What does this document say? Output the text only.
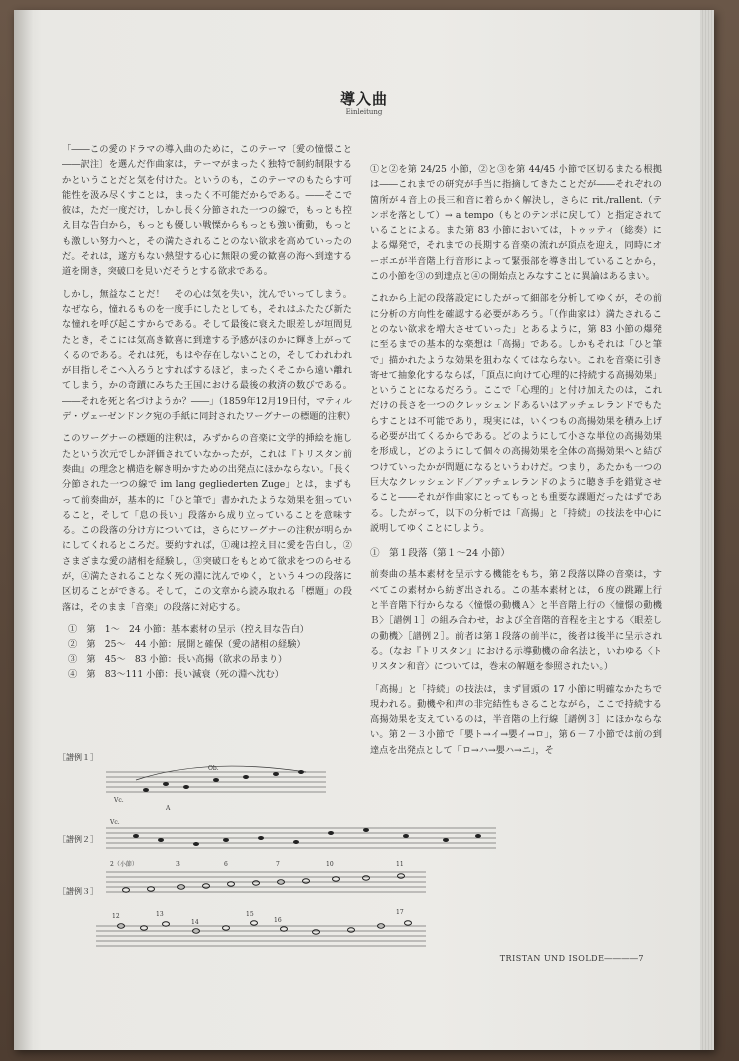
導入曲
Einleitung

「――この愛のドラマの導入曲のために，このテーマ〔愛の憧憬こと――訳注〕を選んだ作曲家は，テーマがまったく独特で制約制限するかということだと気を付けた。というのも，このテーマのもたらす可能性を汲み尽くすことは，まったく不可能だからである。――そこで彼は，ただ一度だけ，しかし長く分節された一つの線で，もっとも控え目な告白から，もっとも優しい戦慄からもっとも強い衝動，もっとも激しい努力へと，その満たされることのない欲求を高めていったのだ。それは，遂方もない熱望する心に無限の愛の歓喜の海へ到達する道を開き，突破口を見いだそうとする欲求である。

しかし，無益なことだ！　その心は気を失い，沈んでいってしまう。なぜなら，憧れるものを一度手にしたとしても，それはふたたび新たな憧れを呼び起こすからである。そして最後に衰えた眼差しが垣間見たとき，そこには気高き歓喜に到達する予感がほのかに輝き上がってくるのである。それは死，もはや存在しないことの，そしてわれわれが目指しそこへ入ろうとすればするほど，まったくそこから遠い離れてしまう，かの奇蹟にみちた王国における最後の救済の数びである。――それを死と名づけようか？――」（1859年12月19日付，マティルデ・ヴェーゼンドンク宛の手紙に同封されたワーグナーの標題的注釈）

このワーグナーの標題的注釈は，みずからの音楽に文学的挿絵を施したという次元でしか評価されていなかったが，これは『トリスタン前奏曲』の理念と構造を解き明かすための出発点にほかならない。「長く分節された一つの線で im lang gegliederten Zuge」とは，まずもって前奏曲が，基本的に「ひと筆で」書かれたような効果を狙っていること，そして「息の長い」段落から成り立っていることを意味する。この段落の分け方については，さらにワーグナーの注釈が明らかにしてくれるところだ。要約すれば，①魂は控え目に愛を告白し，②さまざまな愛の諸相を経験し，③突破口をもとめて欲求をつのらせるが，④満たされることなく死の淵に沈んでゆく，という４つの段落に区切ることができる。そして，この文章から読み取れる「標題」の段落は，そのまま「音楽」の段落に対応する。

①　第　1～　24 小節：基本素材の呈示（控え目な告白）
②　第　25～　44 小節：展開と確保（愛の諸相の経験）
③　第　45～　83 小節：長い高揚（欲求の昂まり）
④　第　83～111 小節：長い減衰（死の淵へ沈む）

①と②を第 24/25 小節，②と③を第 44/45 小節で区切るまたる根拠は――これまでの研究が手当に指摘してきたことだが――それぞれの箇所が４音上の長三和音に着らかく解決し，さらに rit./rallent.（テンポを落として）→ a tempo（もとのテンポに戻して）と指定されていることによる。また第 83 小節においては，トゥッティ（総奏）による爆発で，それまでの長期する音楽の流れが頂点を迎え，同時にオーボエが半音階上行音形によって緊張部を導き出していることから，この小節を③の到達点と④の開始点とみなすことに異論はあるまい。

これから上記の段落設定にしたがって細部を分析してゆくが，その前に分析の方向性を確認する必要があろう。「（作曲家は）満たされることのない欲求を増大させていった」とあるように，第 83 小節の爆発に至るまでの基本的な楽想は「高揚」である。しかもそれは「ひと筆で」描かれたような効果を狙わなくてはならない。これを音楽に引き寄せて抽象化するならば，「頂点に向けて心理的に持続する高揚効果」ということになるだろう。ここで「心理的」と付け加えたのは，これだけの長さを一つのクレッシェンドあるいはアッチェレランドでもたらすことは不可能であり，現実には，いくつもの高揚効果を積み上げる必要が出てくるからである。どのようにして小さな単位の高揚効果を形成し，どのようにして個々の高揚効果を全体の高揚効果へと結びつけていったかが問題になるというわけだ。つまり，あたかも一つの巨大なクレッシェンド／アッチェレランドのように聴き手を錯覚させること――それが作曲家にとってもっとも重要な課題だったはずである。したがって，以下の分析では「高揚」と「持続」の技法を中心に説明してゆくことにしよう。

①　第１段落（第１～24 小節）

前奏曲の基本素材を呈示する機能をもち，第２段落以降の音楽は，すべてこの素材から紡ぎ出される。この基本素材とは，６度の跳躍上行と半音階下行からなる〈憧憬の動機Ａ〉と半音階上行の〈憧憬の動機Ｂ〉［譜例１］の組み合わせ，および全音階的音程を主とする〈眼差しの動機〉［譜例２］。前者は第１段落の前半に，後者は後半に呈示される。（なお『トリスタン』における示導動機の命名法と，いわゆる〈トリスタン和音〉については，巻末の解題を参照されたい。）

「高揚」と「持続」の技法は，まず冒頭の 17 小節に明確なかたちで現われる。動機や和声の非完結性もさることながら，ここで持続する高揚効果を支えているのは，半音階の上行線［譜例３］にほかならない。第２－３小節で「嬰ト→イ→嬰イ→ロ」，第６－７小節では前の到達点を出発点として「ロ→ハ→嬰ハ→ニ」，そ

［譜例１］
Ob.
Vc.
A
［譜例２］
Vc.
［譜例３］
2（小節）	3	6	7	10	11
12	13
14
15
16
17
TRISTAN UND ISOLDE――――7
